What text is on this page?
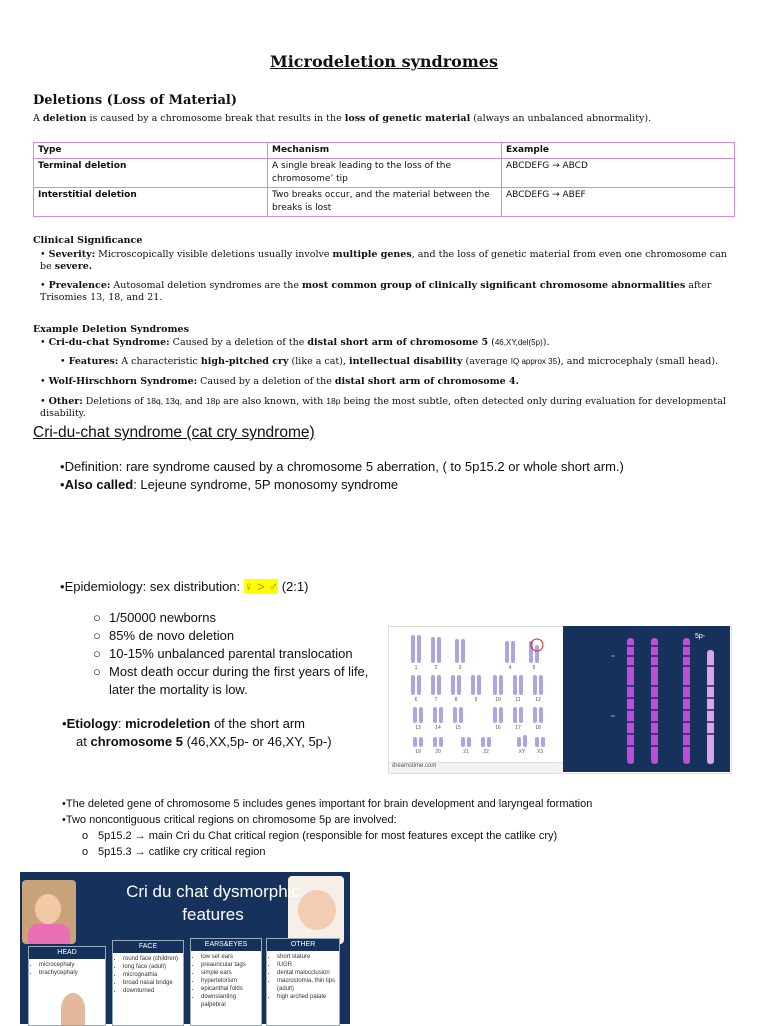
Microdeletion syndromes
Deletions (Loss of Material)
A deletion is caused by a chromosome break that results in the loss of genetic material (always an unbalanced abnormality).
Type	Mechanism	Example
Terminal deletion	A single break leading to the loss of the chromosome’ tip	ABCDEFG → ABCD
Interstitial deletion	Two breaks occur, and the material between the breaks is lost	ABCDEFG → ABEF
Clinical Significance
• Severity: Microscopically visible deletions usually involve multiple genes, and the loss of genetic material from even one chromosome can be severe.
• Prevalence: Autosomal deletion syndromes are the most common group of clinically significant chromosome abnormalities after Trisomies 13, 18, and 21.
Example Deletion Syndromes
• Cri-du-chat Syndrome: Caused by a deletion of the distal short arm of chromosome 5 (46,XY,del(5p)).
• Features: A characteristic high-pitched cry (like a cat), intellectual disability (average IQ approx 35), and microcephaly (small head).
• Wolf-Hirschhorn Syndrome: Caused by a deletion of the distal short arm of chromosome 4.
• Other: Deletions of 18q, 13q, and 18p are also known, with 18p being the most subtle, often detected only during evaluation for developmental disability.
Cri-du-chat syndrome (cat cry syndrome)
•Definition: rare syndrome caused by a chromosome 5 aberration, ( to 5p15.2 or whole short arm.)
•Also called: Lejeune syndrome, 5P monosomy syndrome
•Epidemiology: sex distribution: ♀ > ♂ (2:1)
○ 1/50000 newborns
○ 85% de novo deletion
○ 10-15% unbalanced parental translocation
○ Most death occur during the first years of life, later the mortality is low.
•Etiology: microdeletion of the short arm
at chromosome 5 (46,XX,5p- or 46,XY, 5p-)
1	2	3	4	5
6	7	8	9	10	11	12
13	14	15	16	17	18
19	20	21	22	XY X3
5p-
dreamstime.com
•The deleted gene of chromosome 5 includes genes important for brain development and laryngeal formation
•Two noncontiguous critical regions on chromosome 5p are involved:
o 5p15.2 → main Cri du Chat critical region (responsible for most features except the catlike cry)
o 5p15.3 → catlike cry critical region
Cri du chat dysmorphic features
HEAD
• microcephaly
• brachycephaly
FACE
• round face (children)
• long face (adult)
• micrognathia
• broad nasal bridge
• downturned
EARS&EYES
• low set ears
• preauricular tags
• simple ears
• hypertelorism
• epicanthal folds
• downslanting palpebral
OTHER
• short stature
• IUGR
• dental malocclusion
• macrostomia, thin lips (adult)
• high arched palate
